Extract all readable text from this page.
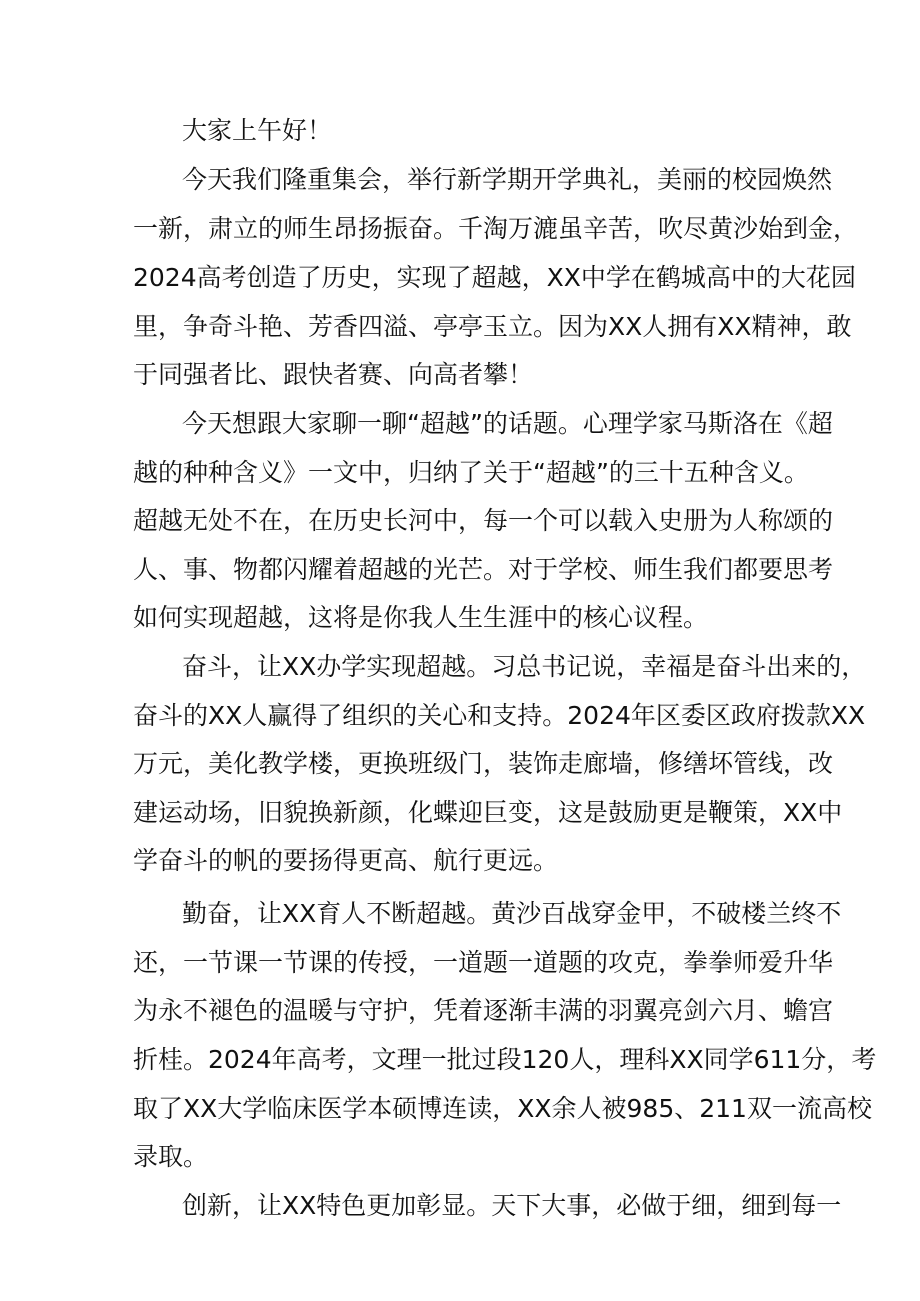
大家上午好！

今天我们隆重集会，举行新学期开学典礼，美丽的校园焕然

一新，肃立的师生昂扬振奋。千淘万漉虽辛苦，吹尽黄沙始到金，

2024高考创造了历史，实现了超越，XX中学在鹤城高中的大花园

里，争奇斗艳、芳香四溢、亭亭玉立。因为XX人拥有XX精神，敢

于同强者比、跟快者赛、向高者攀！

今天想跟大家聊一聊“超越”的话题。心理学家马斯洛在《超

越的种种含义》一文中，归纳了关于“超越”的三十五种含义。

超越无处不在，在历史长河中，每一个可以载入史册为人称颂的

人、事、物都闪耀着超越的光芒。对于学校、师生我们都要思考

如何实现超越，这将是你我人生生涯中的核心议程。

奋斗，让XX办学实现超越。习总书记说，幸福是奋斗出来的，

奋斗的XX人赢得了组织的关心和支持。2024年区委区政府拨款XX

万元，美化教学楼，更换班级门，装饰走廊墙，修缮坏管线，改

建运动场，旧貌换新颜，化蝶迎巨变，这是鼓励更是鞭策，XX中

学奋斗的帆的要扬得更高、航行更远。

勤奋，让XX育人不断超越。黄沙百战穿金甲，不破楼兰终不

还，一节课一节课的传授，一道题一道题的攻克，拳拳师爱升华

为永不褪色的温暖与守护，凭着逐渐丰满的羽翼亮剑六月、蟾宫

折桂。2024年高考，文理一批过段120人，理科XX同学611分，考

取了XX大学临床医学本硕博连读，XX余人被985、211双一流高校

录取。

创新，让XX特色更加彰显。天下大事，必做于细，细到每一
